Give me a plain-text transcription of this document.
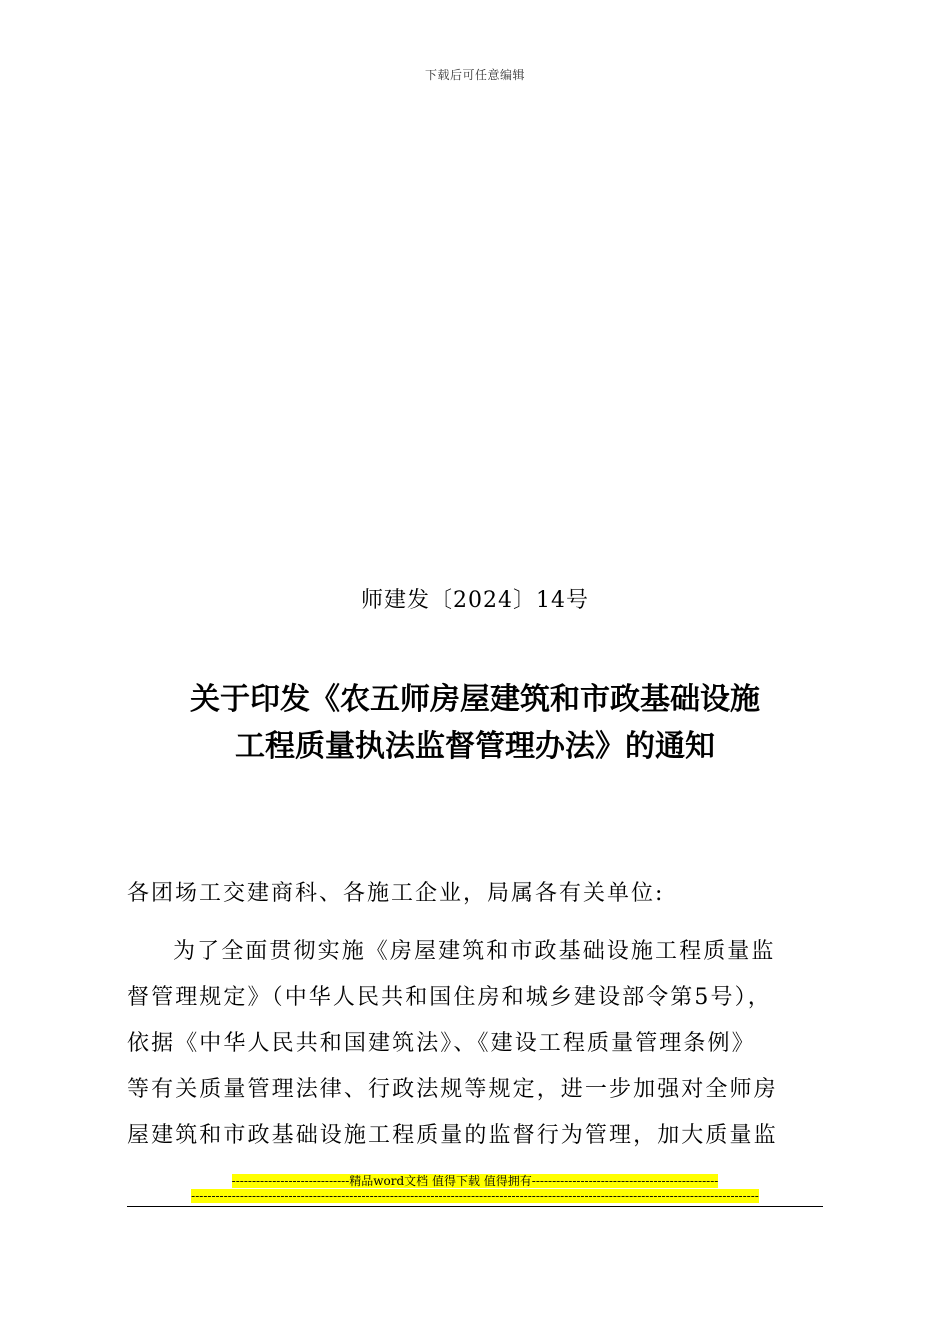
下载后可任意编辑
师建发〔2024〕14号
关于印发《农五师房屋建筑和市政基础设施
工程质量执法监督管理办法》的通知
各团场工交建商科、各施工企业，局属各有关单位:
为了全面贯彻实施《房屋建筑和市政基础设施工程质量监
督管理规定》（中华人民共和国住房和城乡建设部令第5号），
依据《中华人民共和国建筑法》、《建设工程质量管理条例》
等有关质量管理法律、行政法规等规定，进一步加强对全师房
屋建筑和市政基础设施工程质量的监督行为管理，加大质量监
-----------------------------精品word文档 值得下载 值得拥有----------------------------------------------
--------------------------------------------------------------------------------------------------------------------------------------------
